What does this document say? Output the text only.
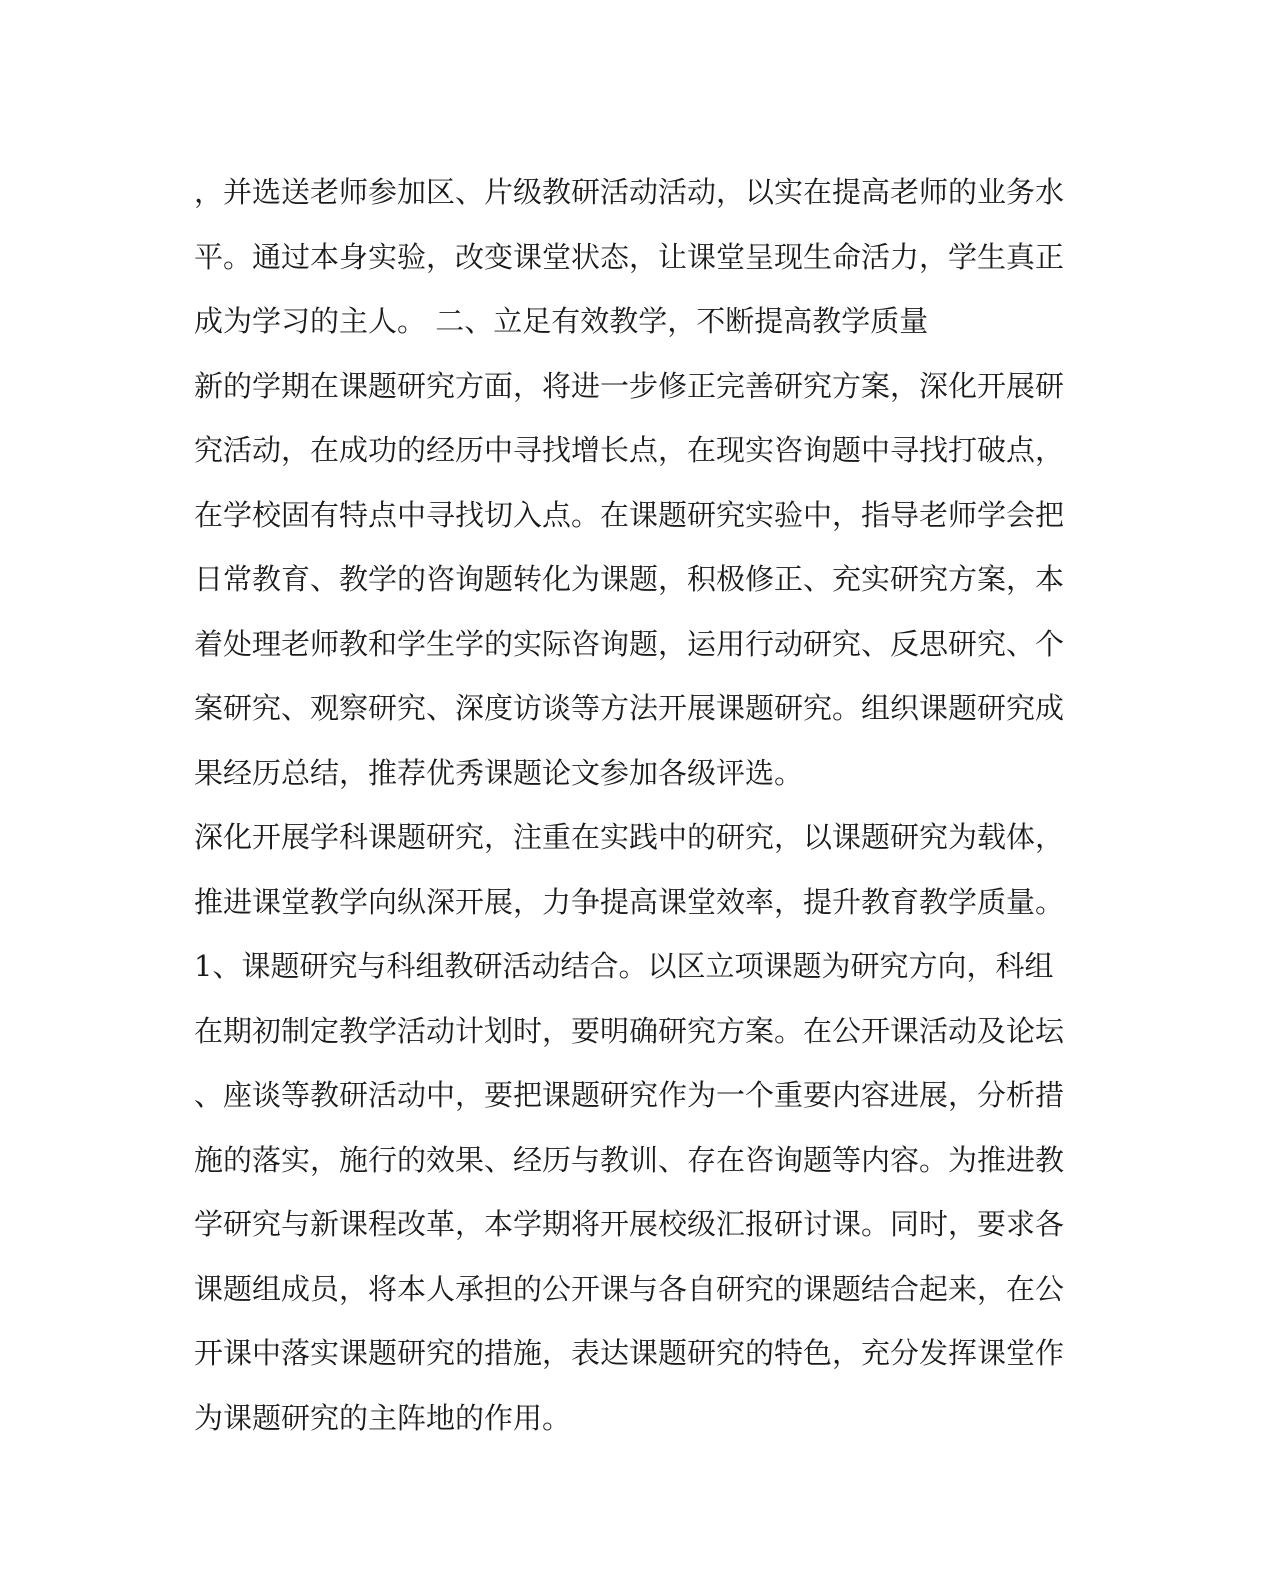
，并选送老师参加区、片级教研活动活动，以实在提高老师的业务水
平。通过本身实验，改变课堂状态，让课堂呈现生命活力，学生真正
成为学习的主人。 二、立足有效教学，不断提高教学质量
新的学期在课题研究方面，将进一步修正完善研究方案，深化开展研
究活动，在成功的经历中寻找增长点，在现实咨询题中寻找打破点，
在学校固有特点中寻找切入点。在课题研究实验中，指导老师学会把
日常教育、教学的咨询题转化为课题，积极修正、充实研究方案，本
着处理老师教和学生学的实际咨询题，运用行动研究、反思研究、个
案研究、观察研究、深度访谈等方法开展课题研究。组织课题研究成
果经历总结，推荐优秀课题论文参加各级评选。
深化开展学科课题研究，注重在实践中的研究，以课题研究为载体，
推进课堂教学向纵深开展，力争提高课堂效率，提升教育教学质量。
1、课题研究与科组教研活动结合。以区立项课题为研究方向，科组
在期初制定教学活动计划时，要明确研究方案。在公开课活动及论坛
、座谈等教研活动中，要把课题研究作为一个重要内容进展，分析措
施的落实，施行的效果、经历与教训、存在咨询题等内容。为推进教
学研究与新课程改革，本学期将开展校级汇报研讨课。同时，要求各
课题组成员，将本人承担的公开课与各自研究的课题结合起来，在公
开课中落实课题研究的措施，表达课题研究的特色，充分发挥课堂作
为课题研究的主阵地的作用。
